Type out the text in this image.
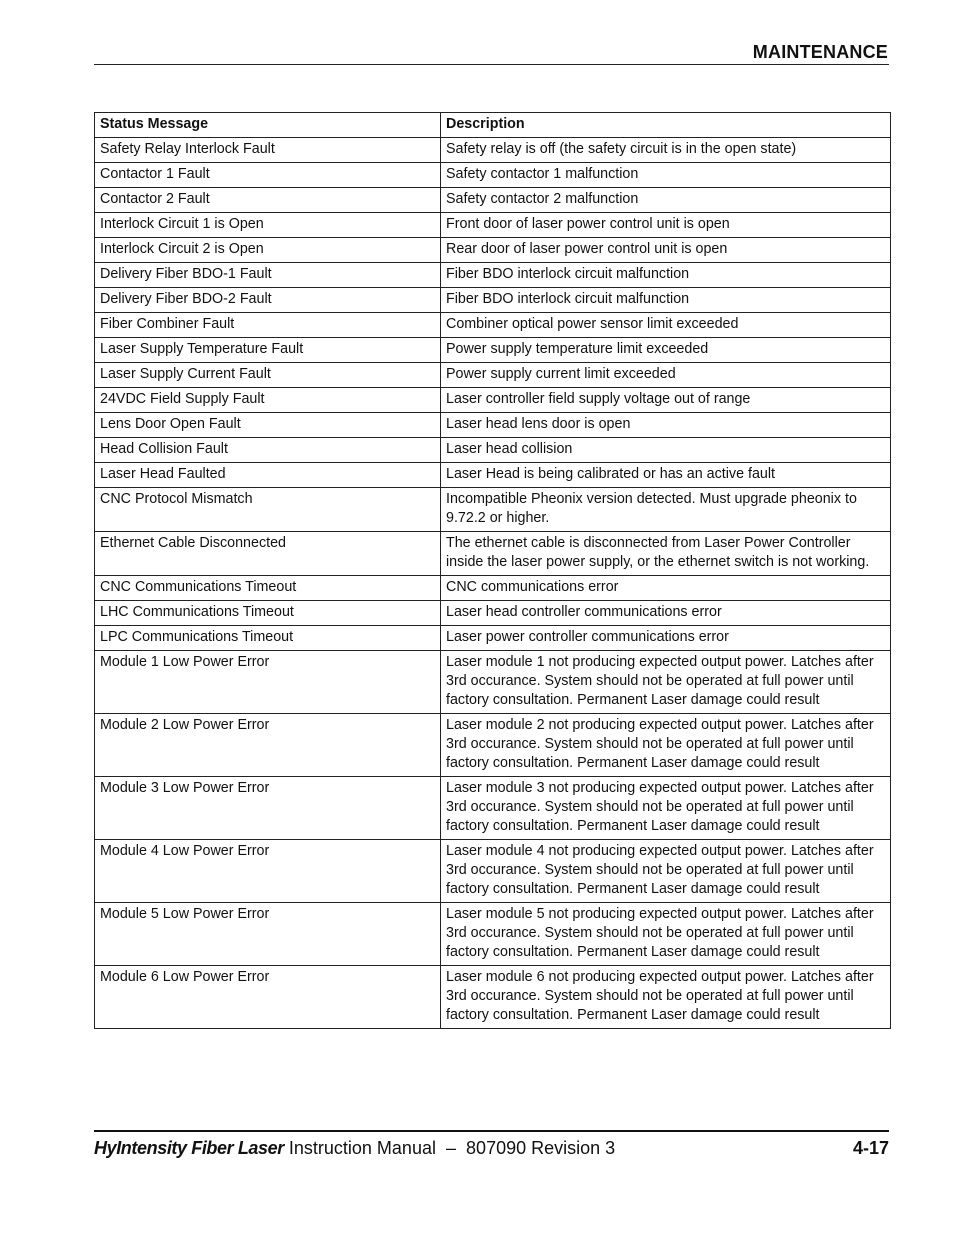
MAINTENANCE
Status Message	Description
Safety Relay Interlock Fault	Safety relay is off (the safety circuit is in the open state)
Contactor 1 Fault	Safety contactor 1 malfunction
Contactor 2 Fault	Safety contactor 2 malfunction
Interlock Circuit 1 is Open	Front door of laser power control unit is open
Interlock Circuit 2 is Open	Rear door of laser power control unit is open
Delivery Fiber BDO-1 Fault	Fiber BDO interlock circuit malfunction
Delivery Fiber BDO-2 Fault	Fiber BDO interlock circuit malfunction
Fiber Combiner Fault	Combiner optical power sensor limit exceeded
Laser Supply Temperature Fault	Power supply temperature limit exceeded
Laser Supply Current Fault	Power supply current limit exceeded
24VDC Field Supply Fault	Laser controller field supply voltage out of range
Lens Door Open Fault	Laser head lens door is open
Head Collision Fault	Laser head collision
Laser Head Faulted	Laser Head is being calibrated or has an active fault
CNC Protocol Mismatch	Incompatible Pheonix version detected. Must upgrade pheonix to 9.72.2 or higher.
Ethernet Cable Disconnected	The ethernet cable is disconnected from Laser Power Controller inside the laser power supply, or the ethernet switch is not working.
CNC Communications Timeout	CNC communications error
LHC Communications Timeout	Laser head controller communications error
LPC Communications Timeout	Laser power controller communications error
Module 1 Low Power Error	Laser module 1 not producing expected output power. Latches after 3rd occurance. System should not be operated at full power until factory consultation. Permanent Laser damage could result
Module 2 Low Power Error	Laser module 2 not producing expected output power. Latches after 3rd occurance. System should not be operated at full power until factory consultation. Permanent Laser damage could result
Module 3 Low Power Error	Laser module 3 not producing expected output power. Latches after 3rd occurance. System should not be operated at full power until factory consultation. Permanent Laser damage could result
Module 4 Low Power Error	Laser module 4 not producing expected output power. Latches after 3rd occurance. System should not be operated at full power until factory consultation. Permanent Laser damage could result
Module 5 Low Power Error	Laser module 5 not producing expected output power. Latches after 3rd occurance. System should not be operated at full power until factory consultation. Permanent Laser damage could result
Module 6 Low Power Error	Laser module 6 not producing expected output power. Latches after 3rd occurance. System should not be operated at full power until factory consultation. Permanent Laser damage could result
HyIntensity Fiber Laser Instruction Manual – 807090 Revision 3	4-17
